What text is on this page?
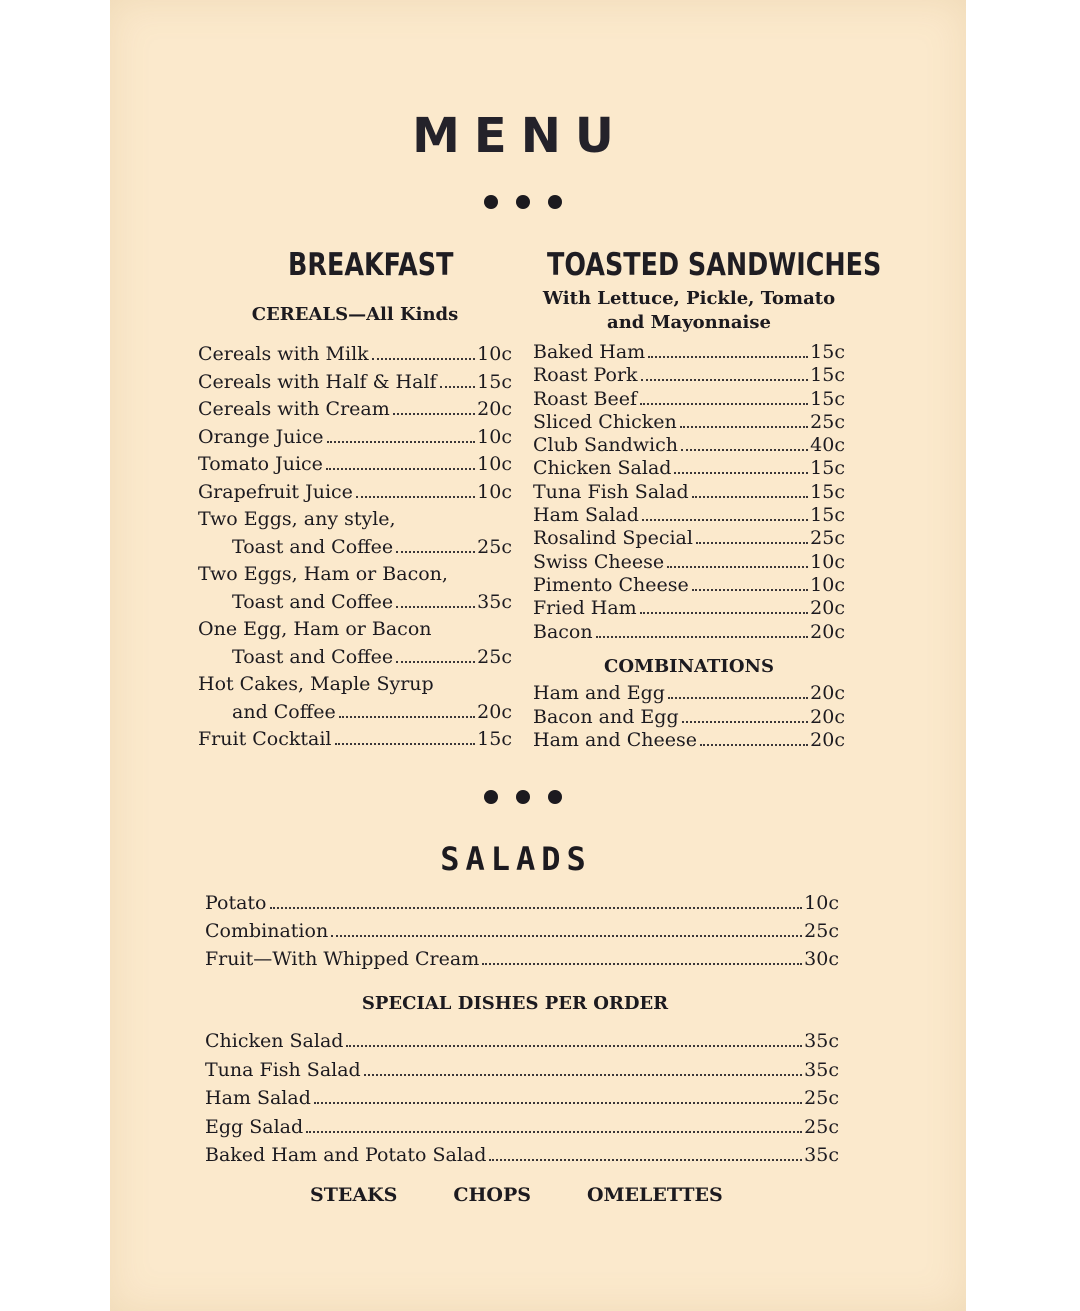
MENU
BREAKFAST
CEREALS—All Kinds
Cereals with Milk	10c
Cereals with Half & Half 15c
Cereals with Cream	20c
Orange Juice	10c
Tomato Juice	10c
Grapefruit Juice	10c
Two Eggs, any style,
Toast and Coffee	25c
Two Eggs, Ham or Bacon,
Toast and Coffee	35c
One Egg, Ham or Bacon
Toast and Coffee	25c
Hot Cakes, Maple Syrup
and Coffee	20c
Fruit Cocktail	15c
TOASTED SANDWICHES
With Lettuce, Pickle, Tomato
and Mayonnaise
Baked Ham	15c
Roast Pork	15c
Roast Beef	15c
Sliced Chicken	25c
Club Sandwich	40c
Chicken Salad	15c
Tuna Fish Salad	15c
Ham Salad	15c
Rosalind Special	25c
Swiss Cheese	10c
Pimento Cheese	10c
Fried Ham	20c
Bacon	20c
COMBINATIONS
Ham and Egg	20c
Bacon and Egg	20c
Ham and Cheese	20c
SALADS
Potato	10c
Combination	25c
Fruit—With Whipped Cream	30c
SPECIAL DISHES PER ORDER
Chicken Salad	35c
Tuna Fish Salad	35c
Ham Salad	25c
Egg Salad	25c
Baked Ham and Potato Salad	35c
STEAKS	CHOPS	OMELETTES
